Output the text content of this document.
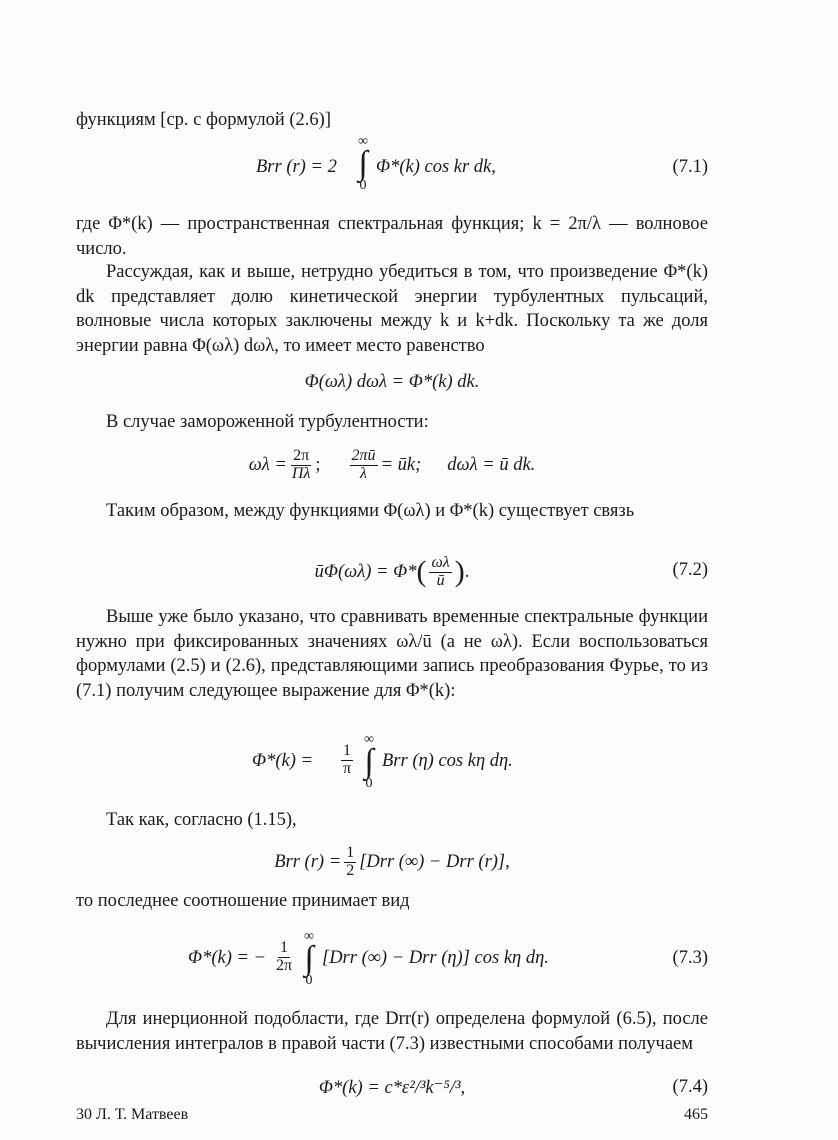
функциям [ср. с формулой (2.6)]

Brr (r) = 2
∞
∫
0
Φ*(k) cos kr dk,	(7.1)

где Φ*(k) — пространственная спектральная функция; k = 2π/λ — волновое число.

Рассуждая, как и выше, нетрудно убедиться в том, что произведение Φ*(k) dk представляет долю кинетической энергии турбулентных пульсаций, волновые числа которых заключены между k и k+dk. Поскольку та же доля энергии равна Φ(ωλ) dωλ, то имеет место равенство

Φ(ωλ) dωλ = Φ*(k) dk.

В случае замороженной турбулентности:

$\omega\lambda = \frac{2\pi}{\Pi\lambda}$ ; $\frac{2\pi ū}{\lambda}$ = ūk; dωλ = ū dk.

Таким образом, между функциями Φ(ωλ) и Φ*(k) существует связь

ūΦ(ωλ) = Φ* ( $\frac{\omega\lambda}{ū}$ ) .	(7.2)

Выше уже было указано, что сравнивать временные спектральные функции нужно при фиксированных значениях ωλ/ū (а не ωλ). Если воспользоваться формулами (2.5) и (2.6), представляющими запись преобразования Фурье, то из (7.1) получим следующее выражение для Φ*(k):

$\Phi*(k) = \frac{1}{\pi}$
∞
∫
0
Brr (η) cos kη dη.

Так как, согласно (1.15),

Brr $(r) = \frac{1}{2} [Drr$ (∞) − Drr (r)],

то последнее соотношение принимает вид

Φ*(k) = − $\frac{1}{2\pi}$
∞
∫
0
[Drr (∞) − Drr (η)] cos kη dη.	(7.3)

Для инерционной подобласти, где Drr(r) определена формулой (6.5), после вычисления интегралов в правой части (7.3) известными способами получаем

Φ*(k) = c*ε²/³k⁻⁵/³,	(7.4)
30 Л. Т. Матвеев	465
